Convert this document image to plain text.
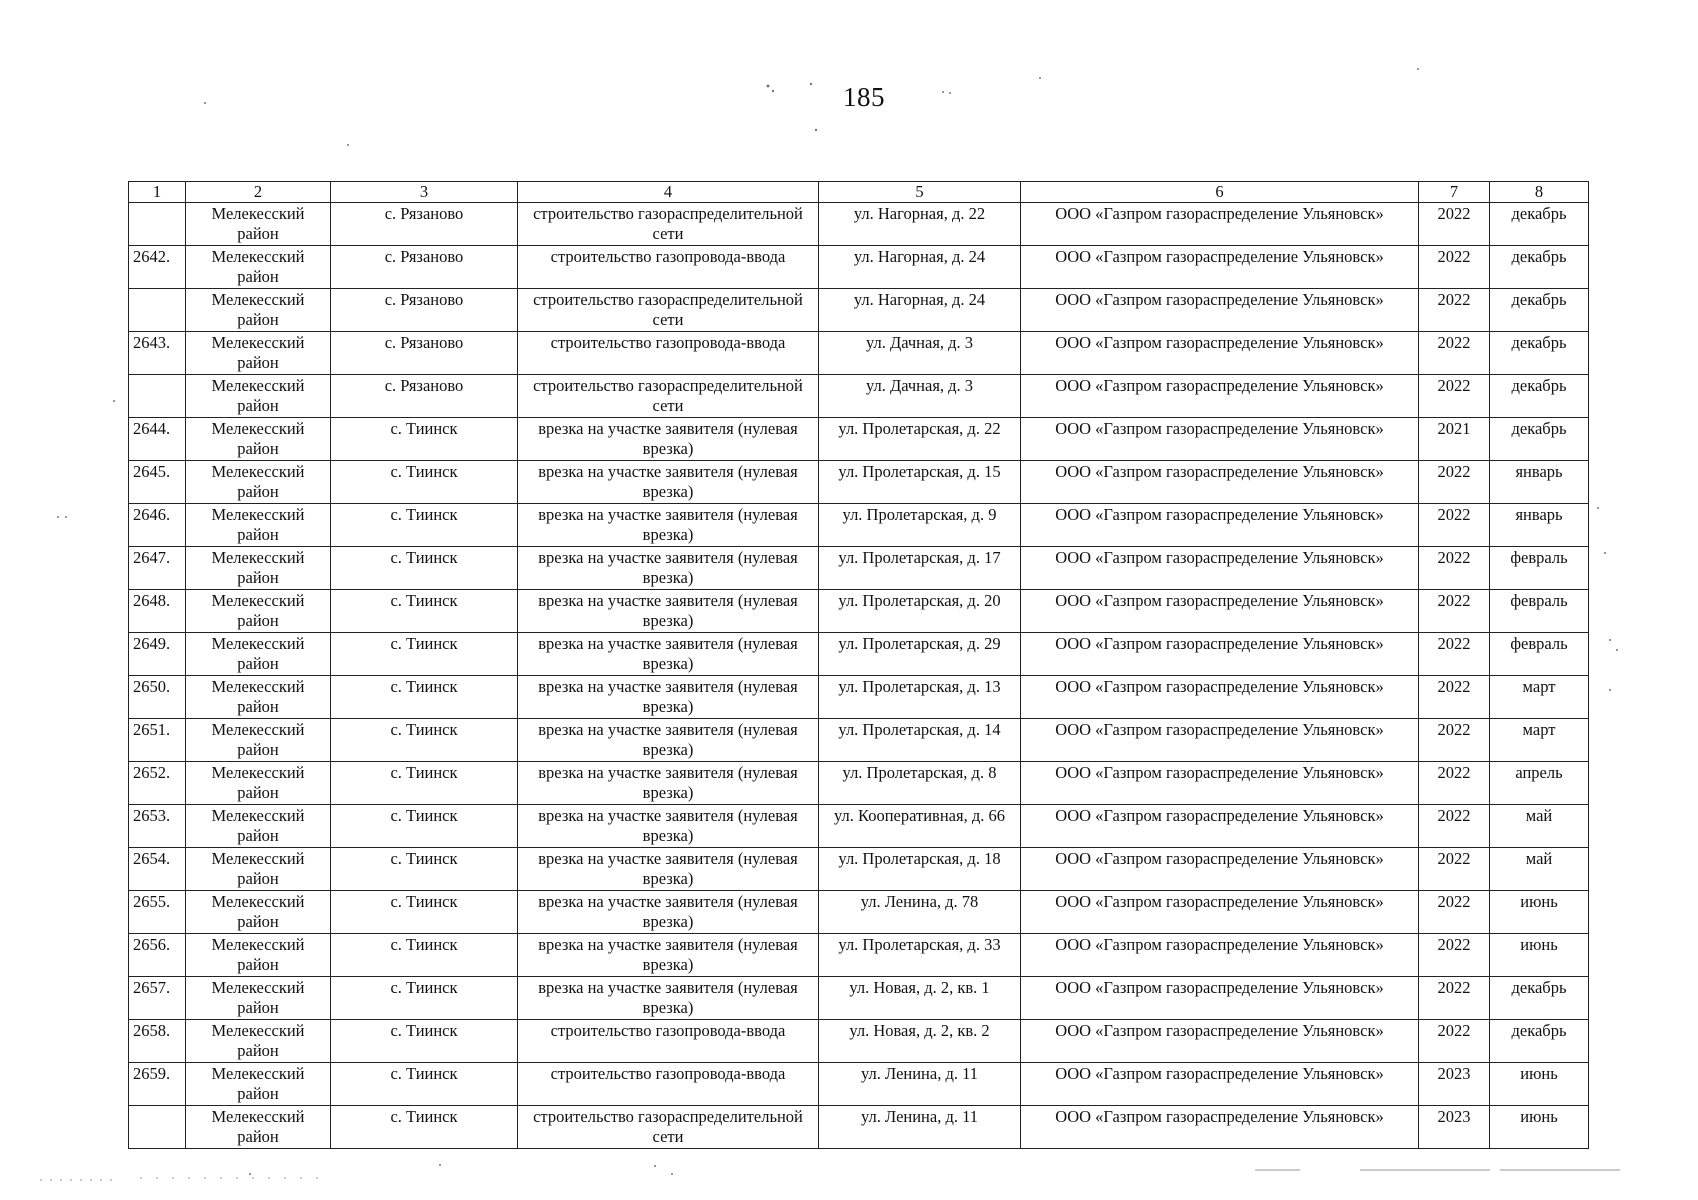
185
1	2	3	4	5	6	7	8
	Мелекесский район	с. Рязаново	строительство газораспределительной сети	ул. Нагорная, д. 22	ООО «Газпром газораспределение Ульяновск»	2022	декабрь
2642.	Мелекесский район	с. Рязаново	строительство газопровода-ввода	ул. Нагорная, д. 24	ООО «Газпром газораспределение Ульяновск»	2022	декабрь
	Мелекесский район	с. Рязаново	строительство газораспределительной сети	ул. Нагорная, д. 24	ООО «Газпром газораспределение Ульяновск»	2022	декабрь
2643.	Мелекесский район	с. Рязаново	строительство газопровода-ввода	ул. Дачная, д. 3	ООО «Газпром газораспределение Ульяновск»	2022	декабрь
	Мелекесский район	с. Рязаново	строительство газораспределительной сети	ул. Дачная, д. 3	ООО «Газпром газораспределение Ульяновск»	2022	декабрь
2644.	Мелекесский район	с. Тиинск	врезка на участке заявителя (нулевая врезка)	ул. Пролетарская, д. 22	ООО «Газпром газораспределение Ульяновск»	2021	декабрь
2645.	Мелекесский район	с. Тиинск	врезка на участке заявителя (нулевая врезка)	ул. Пролетарская, д. 15	ООО «Газпром газораспределение Ульяновск»	2022	январь
2646.	Мелекесский район	с. Тиинск	врезка на участке заявителя (нулевая врезка)	ул. Пролетарская, д. 9	ООО «Газпром газораспределение Ульяновск»	2022	январь
2647.	Мелекесский район	с. Тиинск	врезка на участке заявителя (нулевая врезка)	ул. Пролетарская, д. 17	ООО «Газпром газораспределение Ульяновск»	2022	февраль
2648.	Мелекесский район	с. Тиинск	врезка на участке заявителя (нулевая врезка)	ул. Пролетарская, д. 20	ООО «Газпром газораспределение Ульяновск»	2022	февраль
2649.	Мелекесский район	с. Тиинск	врезка на участке заявителя (нулевая врезка)	ул. Пролетарская, д. 29	ООО «Газпром газораспределение Ульяновск»	2022	февраль
2650.	Мелекесский район	с. Тиинск	врезка на участке заявителя (нулевая врезка)	ул. Пролетарская, д. 13	ООО «Газпром газораспределение Ульяновск»	2022	март
2651.	Мелекесский район	с. Тиинск	врезка на участке заявителя (нулевая врезка)	ул. Пролетарская, д. 14	ООО «Газпром газораспределение Ульяновск»	2022	март
2652.	Мелекесский район	с. Тиинск	врезка на участке заявителя (нулевая врезка)	ул. Пролетарская, д. 8	ООО «Газпром газораспределение Ульяновск»	2022	апрель
2653.	Мелекесский район	с. Тиинск	врезка на участке заявителя (нулевая врезка)	ул. Кооперативная, д. 66	ООО «Газпром газораспределение Ульяновск»	2022	май
2654.	Мелекесский район	с. Тиинск	врезка на участке заявителя (нулевая врезка)	ул. Пролетарская, д. 18	ООО «Газпром газораспределение Ульяновск»	2022	май
2655.	Мелекесский район	с. Тиинск	врезка на участке заявителя (нулевая врезка)	ул. Ленина, д. 78	ООО «Газпром газораспределение Ульяновск»	2022	июнь
2656.	Мелекесский район	с. Тиинск	врезка на участке заявителя (нулевая врезка)	ул. Пролетарская, д. 33	ООО «Газпром газораспределение Ульяновск»	2022	июнь
2657.	Мелекесский район	с. Тиинск	врезка на участке заявителя (нулевая врезка)	ул. Новая, д. 2, кв. 1	ООО «Газпром газораспределение Ульяновск»	2022	декабрь
2658.	Мелекесский район	с. Тиинск	строительство газопровода-ввода	ул. Новая, д. 2, кв. 2	ООО «Газпром газораспределение Ульяновск»	2022	декабрь
2659.	Мелекесский район	с. Тиинск	строительство газопровода-ввода	ул. Ленина, д. 11	ООО «Газпром газораспределение Ульяновск»	2023	июнь
	Мелекесский район	с. Тиинск	строительство газораспределительной сети	ул. Ленина, д. 11	ООО «Газпром газораспределение Ульяновск»	2023	июнь
